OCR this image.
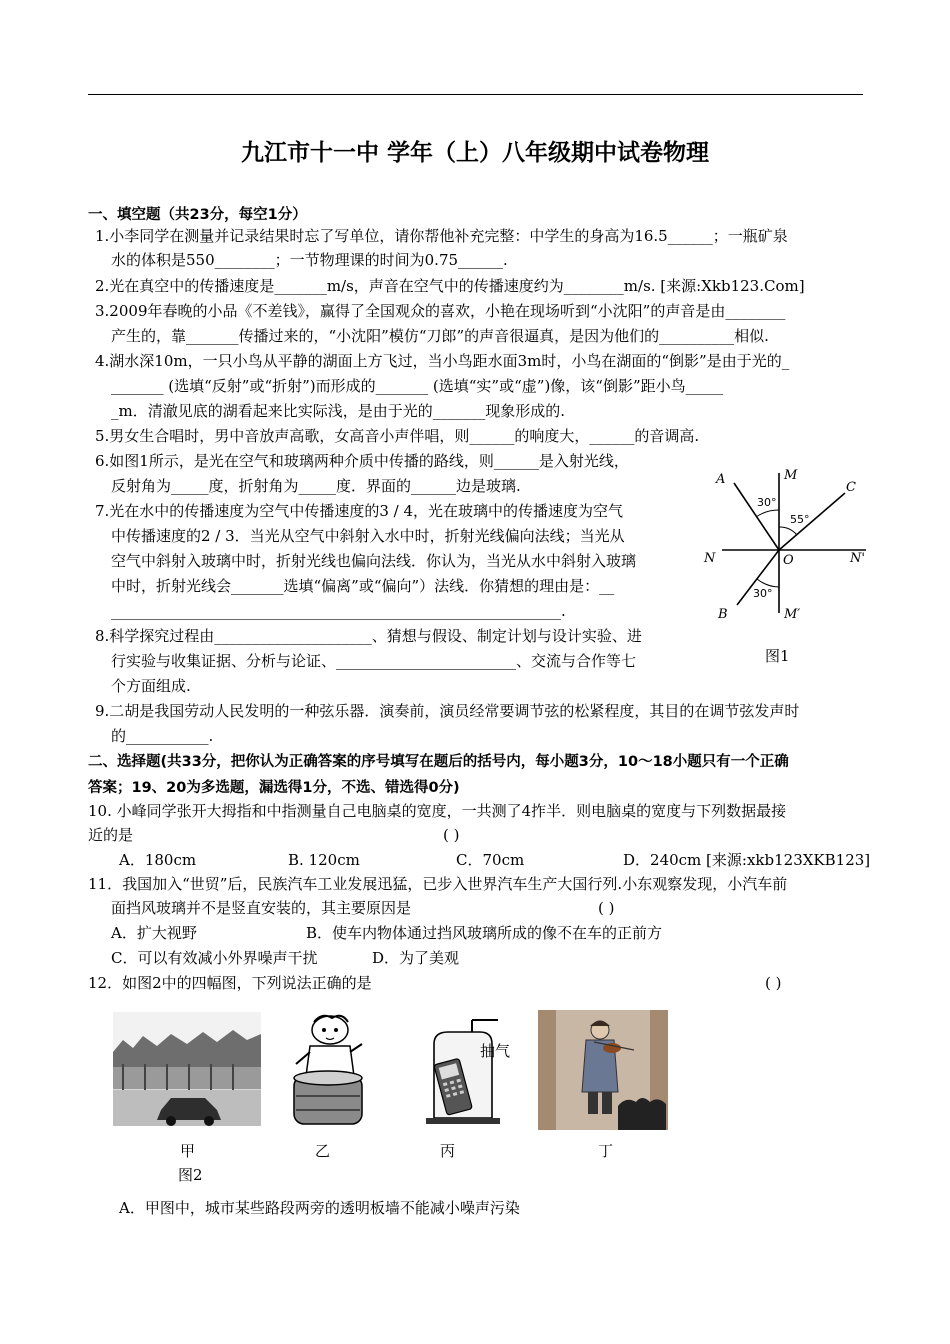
九江市十一中 学年（上）八年级期中试卷物理
一、填空题（共23分，每空1分）
1.小李同学在测量并记录结果时忘了写单位，请你帮他补充完整：中学生的身高为16.5______；一瓶矿泉
水的体积是550________；一节物理课的时间为0.75______.
2.光在真空中的传播速度是_______m/s，声音在空气中的传播速度约为________m/s. [来源:Xkb123.Com]
3.2009年春晚的小品《不差钱》，赢得了全国观众的喜欢，小艳在现场听到“小沈阳”的声音是由________
产生的，靠_______传播过来的，“小沈阳”模仿“刀郎”的声音很逼真，是因为他们的__________相似.
4.湖水深10m，一只小鸟从平静的湖面上方飞过，当小鸟距水面3m时，小鸟在湖面的“倒影”是由于光的_
_______ (选填“反射”或“折射”)而形成的_______ (选填“实”或“虚”)像，该“倒影”距小鸟_____
_m．清澈见底的湖看起来比实际浅，是由于光的_______现象形成的.
5.男女生合唱时，男中音放声高歌，女高音小声伴唱，则______的响度大，______的音调高.
6.如图1所示，是光在空气和玻璃两种介质中传播的路线，则______是入射光线，
反射角为_____度，折射角为_____度．界面的______边是玻璃.
7.光在水中的传播速度为空气中传播速度的3 / 4，光在玻璃中的传播速度为空气
中传播速度的2 / 3．当光从空气中斜射入水中时，折射光线偏向法线；当光从
空气中斜射入玻璃中时，折射光线也偏向法线．你认为，当光从水中斜射入玻璃
中时，折射光线会_______选填“偏离”或“偏向”）法线．你猜想的理由是：__
____________________________________________________________.
8.科学探究过程由_____________________、猜想与假设、制定计划与设计实验、进
行实验与收集证据、分析与论证、________________________、交流与合作等七
个方面组成.
9.二胡是我国劳动人民发明的一种弦乐器．演奏前，演员经常要调节弦的松紧程度，其目的在调节弦发声时
的___________.
A	M
C
N	O	N'
B	M′
30°
55°
30°
图1
二、选择题(共33分，把你认为正确答案的序号填写在题后的括号内，每小题3分，10～18小题只有一个正确
答案；19、20为多选题，漏选得1分，不选、错选得0分)
10. 小峰同学张开大拇指和中指测量自己电脑桌的宽度，一共测了4拃半．则电脑桌的宽度与下列数据最接
近的是	( )
A．180cm	B. 120cm	C．70cm	D．240cm [来源:xkb123XKB123]
11．我国加入“世贸”后，民族汽车工业发展迅猛，已步入世界汽车生产大国行列.小东观察发现，小汽车前
面挡风玻璃并不是竖直安装的，其主要原因是	( )
A．扩大视野	B．使车内物体通过挡风玻璃所成的像不在车的正前方
C．可以有效减小外界噪声干扰	D．为了美观
12．如图2中的四幅图，下列说法正确的是	( )
抽气
甲	乙	丙	丁
图2
A．甲图中，城市某些路段两旁的透明板墙不能减小噪声污染
